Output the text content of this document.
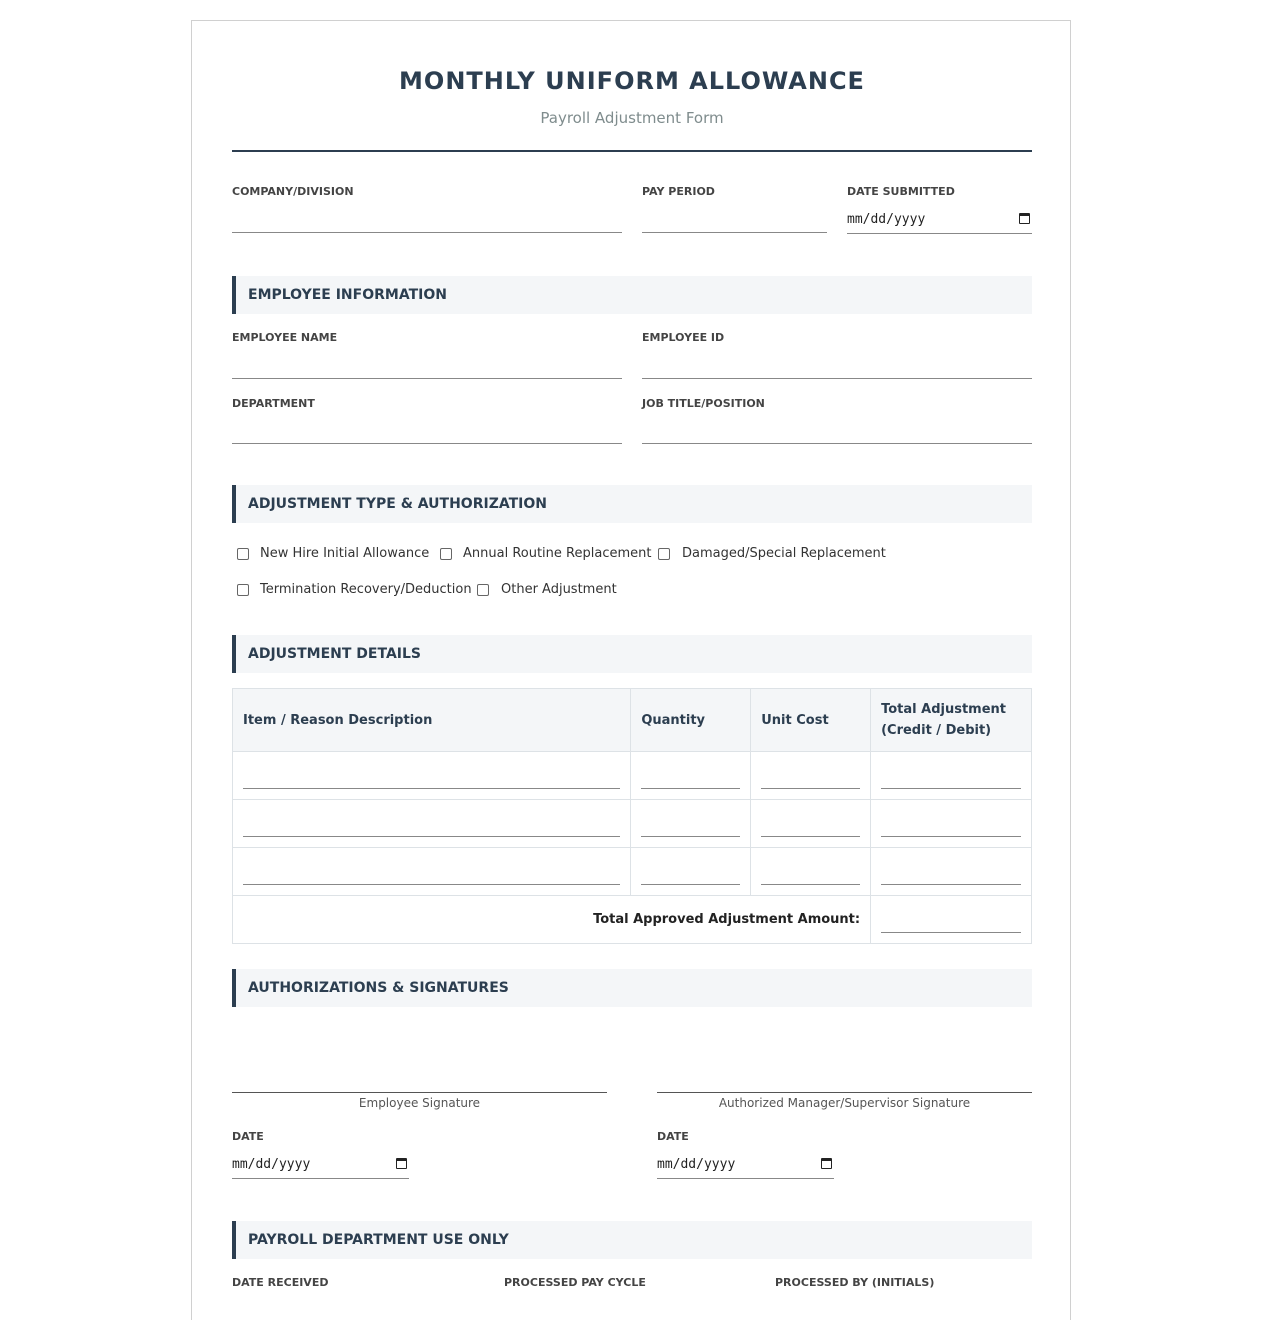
MONTHLY UNIFORM ALLOWANCE
Payroll Adjustment Form
COMPANY/DIVISION	PAY PERIOD	DATE SUBMITTED
mm/dd/yyyy
EMPLOYEE INFORMATION
EMPLOYEE NAME	EMPLOYEE ID
DEPARTMENT	JOB TITLE/POSITION
ADJUSTMENT TYPE & AUTHORIZATION
New Hire Initial Allowance	Annual Routine Replacement Damaged/Special Replacement
Termination Recovery/Deduction Other Adjustment
ADJUSTMENT DETAILS
Item / Reason Description	Quantity	Unit Cost	Total Adjustment
(Credit / Debit)

Total Approved Adjustment Amount:			
AUTHORIZATIONS & SIGNATURES
Employee Signature	Authorized Manager/Supervisor Signature
DATE
mm/dd/yyyy
DATE
mm/dd/yyyy
PAYROLL DEPARTMENT USE ONLY
DATE RECEIVED	PROCESSED PAY CYCLE	PROCESSED BY (INITIALS)
